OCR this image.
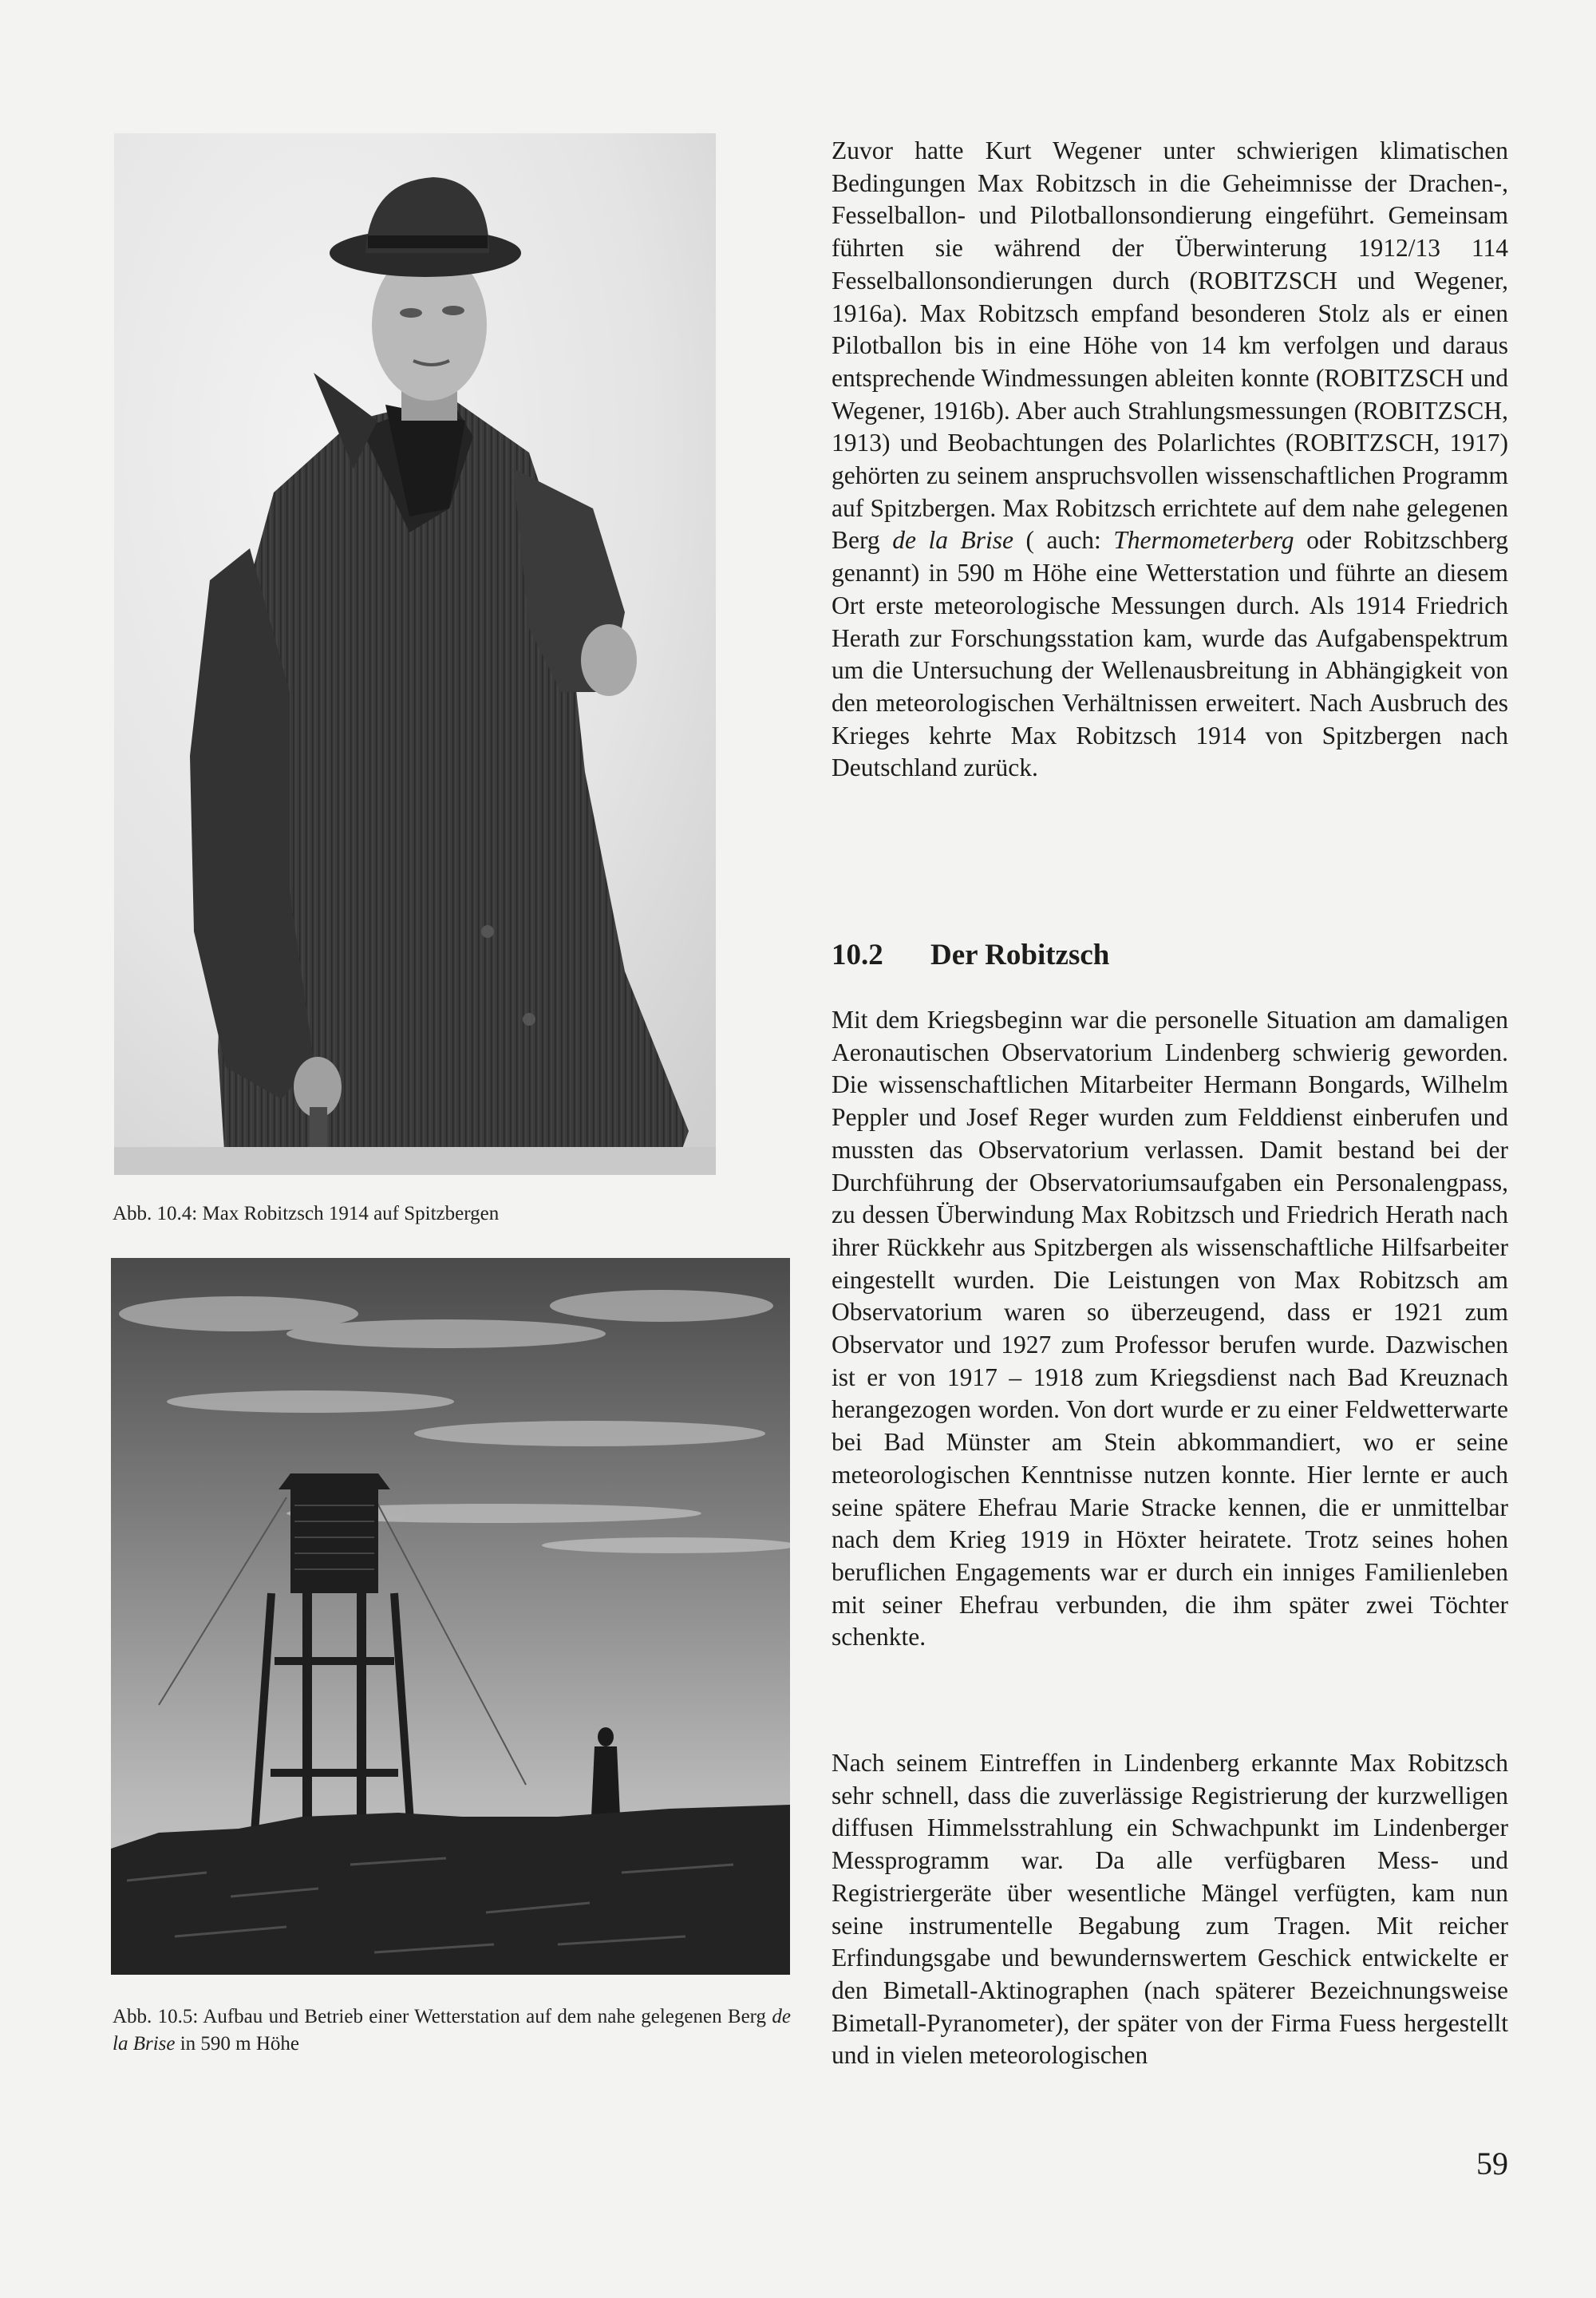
Abb. 10.4: Max Robitzsch 1914 auf Spitzbergen
Abb. 10.5: Aufbau und Betrieb einer Wetterstation auf dem nahe gelegenen Berg de la Brise in 590 m Höhe
Zuvor hatte Kurt Wegener unter schwierigen klimatischen Bedingungen Max Robitzsch in die Geheimnisse der Drachen-, Fesselballon- und Pilotballonsondierung eingeführt. Gemeinsam führten sie während der Überwinterung 1912/13 114 Fesselballonsondierungen durch (ROBITZSCH und Wegener, 1916a). Max Robitzsch empfand besonderen Stolz als er einen Pilotballon bis in eine Höhe von 14 km verfolgen und daraus entsprechende Windmessungen ableiten konnte (ROBITZSCH und Wegener, 1916b). Aber auch Strahlungsmessungen (ROBITZSCH, 1913) und Beobachtungen des Polarlichtes (ROBITZSCH, 1917) gehörten zu seinem anspruchsvollen wissenschaftlichen Programm auf Spitzbergen. Max Robitzsch errichtete auf dem nahe gelegenen Berg de la Brise ( auch: Thermometerberg oder Robitzschberg genannt) in 590 m Höhe eine Wetterstation und führte an diesem Ort erste meteorologische Messungen durch. Als 1914 Friedrich Herath zur Forschungsstation kam, wurde das Aufgabenspektrum um die Untersuchung der Wellenausbreitung in Abhängigkeit von den meteorologischen Verhältnissen erweitert. Nach Ausbruch des Krieges kehrte Max Robitzsch 1914 von Spitzbergen nach Deutschland zurück.
10.2 Der Robitzsch
Mit dem Kriegsbeginn war die personelle Situation am damaligen Aeronautischen Observatorium Lindenberg schwierig geworden. Die wissenschaftlichen Mitarbeiter Hermann Bongards, Wilhelm Peppler und Josef Reger wurden zum Felddienst einberufen und mussten das Observatorium verlassen. Damit bestand bei der Durchführung der Observatoriumsaufgaben ein Personalengpass, zu dessen Überwindung Max Robitzsch und Friedrich Herath nach ihrer Rückkehr aus Spitzbergen als wissenschaftliche Hilfsarbeiter eingestellt wurden. Die Leistungen von Max Robitzsch am Observatorium waren so überzeugend, dass er 1921 zum Observator und 1927 zum Professor berufen wurde. Dazwischen ist er von 1917 – 1918 zum Kriegsdienst nach Bad Kreuznach herangezogen worden. Von dort wurde er zu einer Feldwetterwarte bei Bad Münster am Stein abkommandiert, wo er seine meteorologischen Kenntnisse nutzen konnte. Hier lernte er auch seine spätere Ehefrau Marie Stracke kennen, die er unmittelbar nach dem Krieg 1919 in Höxter heiratete. Trotz seines hohen beruflichen Engagements war er durch ein inniges Familienleben mit seiner Ehefrau verbunden, die ihm später zwei Töchter schenkte.
Nach seinem Eintreffen in Lindenberg erkannte Max Robitzsch sehr schnell, dass die zuverlässige Registrierung der kurzwelligen diffusen Himmelsstrahlung ein Schwachpunkt im Lindenberger Messprogramm war. Da alle verfügbaren Mess- und Registriergeräte über wesentliche Mängel verfügten, kam nun seine instrumentelle Begabung zum Tragen. Mit reicher Erfindungsgabe und bewundernswertem Geschick entwickelte er den Bimetall-Aktinographen (nach späterer Bezeichnungsweise Bimetall-Pyranometer), der später von der Firma Fuess hergestellt und in vielen meteorologischen
59
